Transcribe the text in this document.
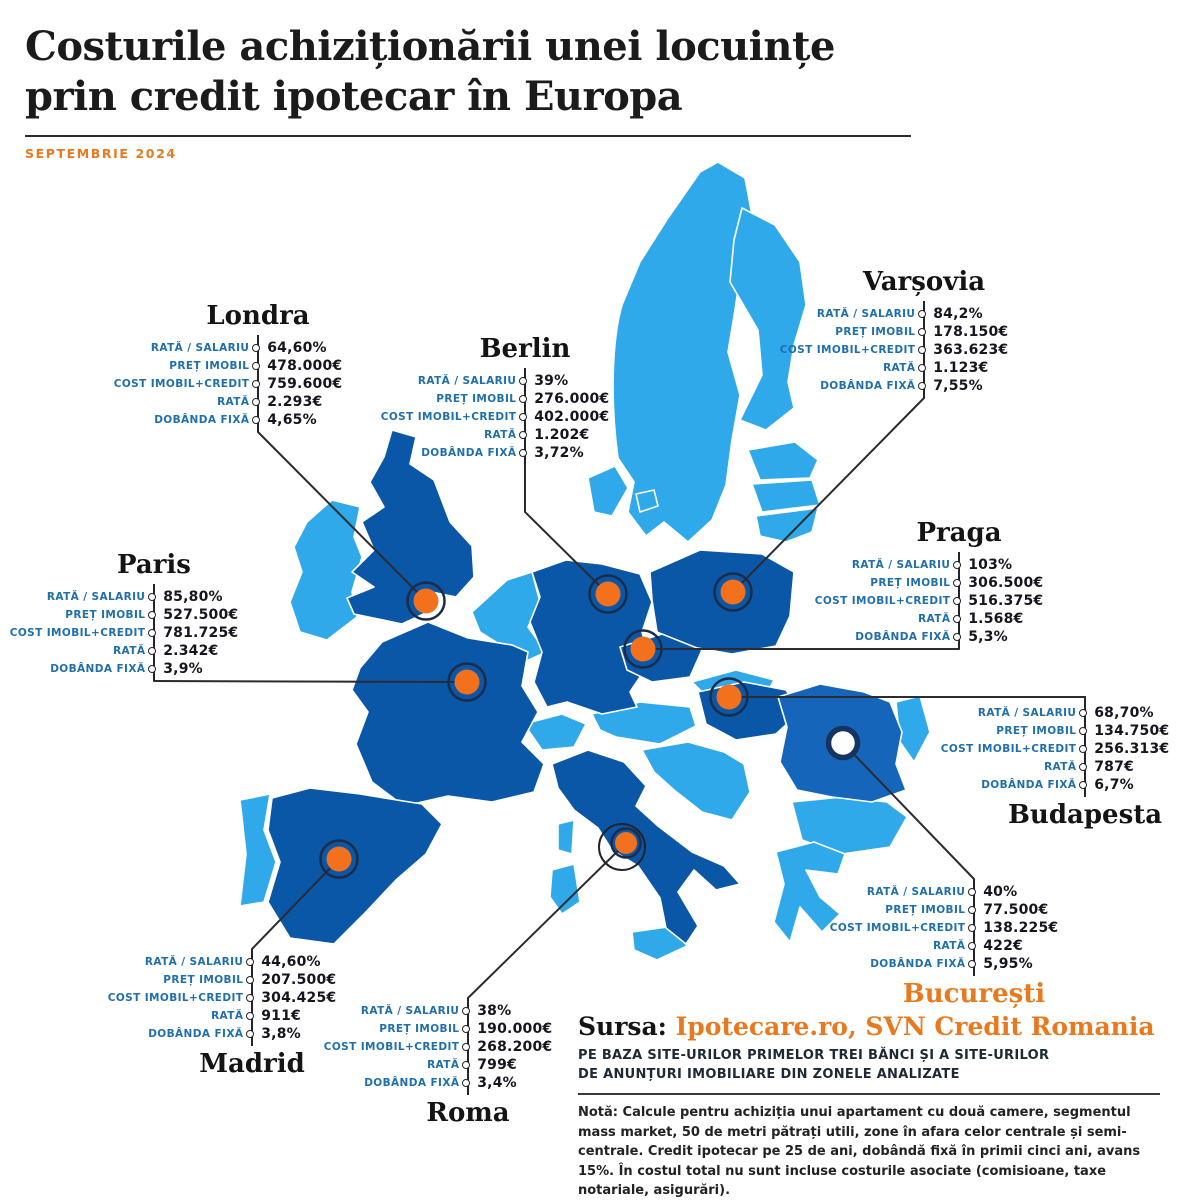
Costurile achiziționării unei locuințe
prin credit ipotecar în Europa
SEPTEMBRIE 2024
Londra
RATĂ / SALARIU 64,60%
PREȚ IMOBIL 478.000€
COST IMOBIL+CREDIT 759.600€
RATĂ 2.293€
DOBÂNDA FIXĂ 4,65%
Berlin
RATĂ / SALARIU 39%
PREȚ IMOBIL 276.000€
COST IMOBIL+CREDIT 402.000€
RATĂ 1.202€
DOBÂNDA FIXĂ 3,72%
Varșovia
RATĂ / SALARIU 84,2%
PREȚ IMOBIL 178.150€
COST IMOBIL+CREDIT 363.623€
RATĂ 1.123€
DOBÂNDA FIXĂ 7,55%
Praga
RATĂ / SALARIU 103%
PREȚ IMOBIL 306.500€
COST IMOBIL+CREDIT 516.375€
RATĂ 1.568€
DOBÂNDA FIXĂ 5,3%
Paris
RATĂ / SALARIU 85,80%
PREȚ IMOBIL 527.500€
COST IMOBIL+CREDIT 781.725€
RATĂ 2.342€
DOBÂNDA FIXĂ 3,9%
RATĂ / SALARIU 68,70%
PREȚ IMOBIL 134.750€
COST IMOBIL+CREDIT 256.313€
RATĂ 787€
DOBÂNDA FIXĂ 6,7%
Budapesta
RATĂ / SALARIU 44,60%
PREȚ IMOBIL 207.500€
COST IMOBIL+CREDIT 304.425€
RATĂ 911€
DOBÂNDA FIXĂ 3,8%
Madrid
RATĂ / SALARIU 38%
PREȚ IMOBIL 190.000€
COST IMOBIL+CREDIT 268.200€
RATĂ 799€
DOBÂNDA FIXĂ 3,4%
Roma
RATĂ / SALARIU 40%
PREȚ IMOBIL 77.500€
COST IMOBIL+CREDIT 138.225€
RATĂ 422€
DOBÂNDA FIXĂ 5,95%
București
Sursa: Ipotecare.ro, SVN Credit Romania
PE BAZA SITE-URILOR PRIMELOR TREI BĂNCI ȘI A SITE-URILOR
DE ANUNȚURI IMOBILIARE DIN ZONELE ANALIZATE
Notă: Calcule pentru achiziția unui apartament cu două camere, segmentul mass market, 50 de metri pătrați utili, zone în afara celor centrale și semi-centrale. Credit ipotecar pe 25 de ani, dobândă fixă în primii cinci ani, avans 15%. În costul total nu sunt incluse costurile asociate (comisioane, taxe notariale, asigurări).
